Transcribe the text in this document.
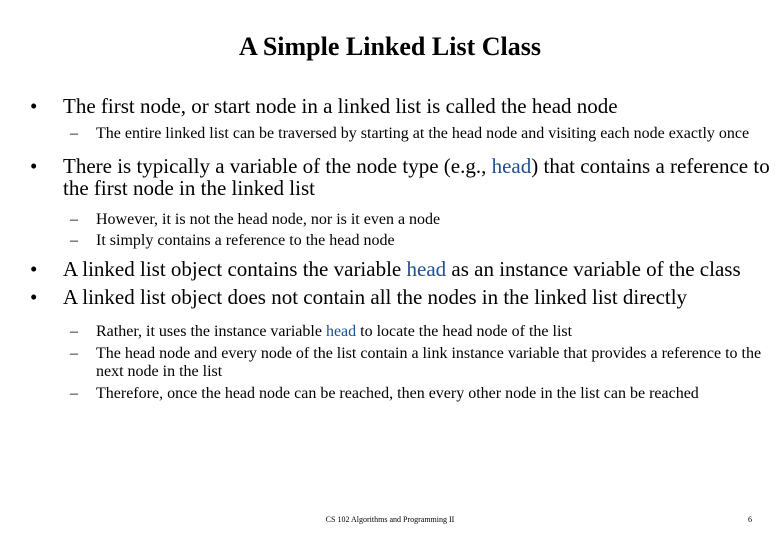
A Simple Linked List Class
• The first node, or start node in a linked list is called the head node
– The entire linked list can be traversed by starting at the head node and visiting each node exactly once
• There is typically a variable of the node type (e.g., head) that contains a reference to the first node in the linked list
– However, it is not the head node, nor is it even a node
– It simply contains a reference to the head node
• A linked list object contains the variable head as an instance variable of the class
• A linked list object does not contain all the nodes in the linked list directly
– Rather, it uses the instance variable head to locate the head node of the list
– The head node and every node of the list contain a link instance variable that provides a reference to the next node in the list
– Therefore, once the head node can be reached, then every other node in the list can be reached
CS 102 Algorithms and Programming II	6
